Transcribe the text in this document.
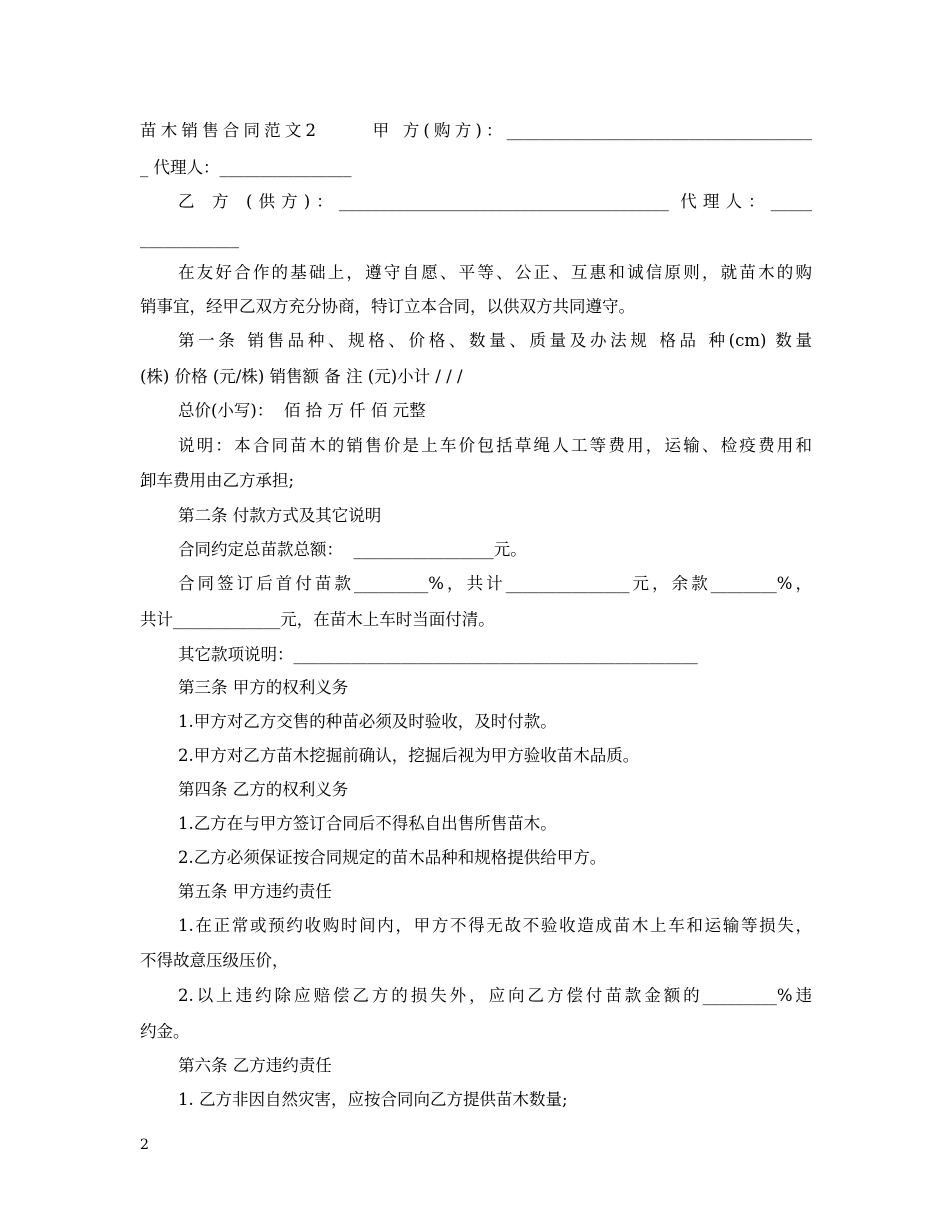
苗木销售合同范文2      甲 方(购方)：_____________________________________
_ 代理人：________________
乙 方 (供方)：________________________________________ 代理人：_____
____________
在友好合作的基础上，遵守自愿、平等、公正、互惠和诚信原则，就苗木的购
销事宜，经甲乙双方充分协商，特订立本合同，以供双方共同遵守。
第一条 销售品种、规格、价格、数量、质量及办法规 格品 种(cm) 数量
(株) 价格 (元/株) 销售额 备 注 (元)小计 / / /
总价(小写)：  佰 拾 万 仟 佰 元整
说明：本合同苗木的销售价是上车价包括草绳人工等费用，运输、检疫费用和
卸车费用由乙方承担;
第二条 付款方式及其它说明
合同约定总苗款总额：  _________________元。
合同签订后首付苗款_________%，共计_______________元，余款________%，
共计_____________元，在苗木上车时当面付清。
其它款项说明：_________________________________________________
第三条 甲方的权利义务
1.甲方对乙方交售的种苗必须及时验收，及时付款。
2.甲方对乙方苗木挖掘前确认，挖掘后视为甲方验收苗木品质。
第四条 乙方的权利义务
1.乙方在与甲方签订合同后不得私自出售所售苗木。
2.乙方必须保证按合同规定的苗木品种和规格提供给甲方。
第五条 甲方违约责任
1.在正常或预约收购时间内，甲方不得无故不验收造成苗木上车和运输等损失，
不得故意压级压价，
2.以上违约除应赔偿乙方的损失外，应向乙方偿付苗款金额的_________%违
约金。
第六条 乙方违约责任
1. 乙方非因自然灾害，应按合同向乙方提供苗木数量;
2
